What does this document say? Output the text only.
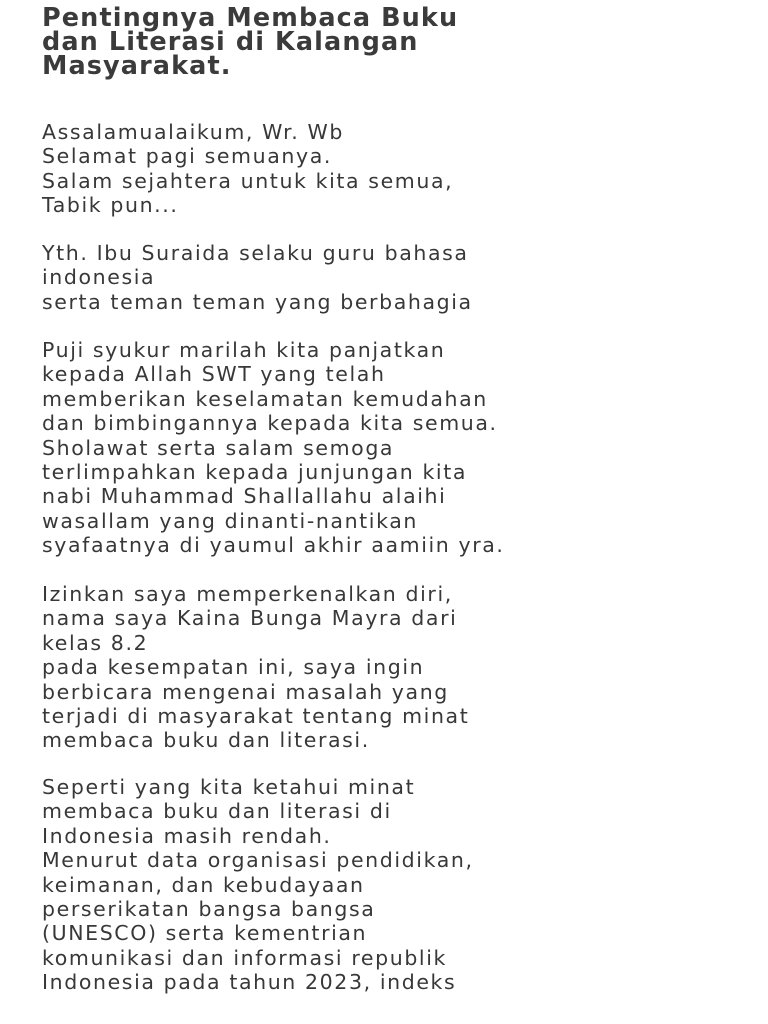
Pentingnya Membaca Buku
dan Literasi di Kalangan
Masyarakat.
Assalamualaikum, Wr. Wb
Selamat pagi semuanya.
Salam sejahtera untuk kita semua,
Tabik pun...
Yth. Ibu Suraida selaku guru bahasa
indonesia
serta teman teman yang berbahagia
Puji syukur marilah kita panjatkan
kepada Allah SWT yang telah
memberikan keselamatan kemudahan
dan bimbingannya kepada kita semua.
Sholawat serta salam semoga
terlimpahkan kepada junjungan kita
nabi Muhammad Shallallahu alaihi
wasallam yang dinanti-nantikan
syafaatnya di yaumul akhir aamiin yra.
Izinkan saya memperkenalkan diri,
nama saya Kaina Bunga Mayra dari
kelas 8.2
pada kesempatan ini, saya ingin
berbicara mengenai masalah yang
terjadi di masyarakat tentang minat
membaca buku dan literasi.
Seperti yang kita ketahui minat
membaca buku dan literasi di
Indonesia masih rendah.
Menurut data organisasi pendidikan,
keimanan, dan kebudayaan
perserikatan bangsa bangsa
(UNESCO) serta kementrian
komunikasi dan informasi republik
Indonesia pada tahun 2023, indeks
